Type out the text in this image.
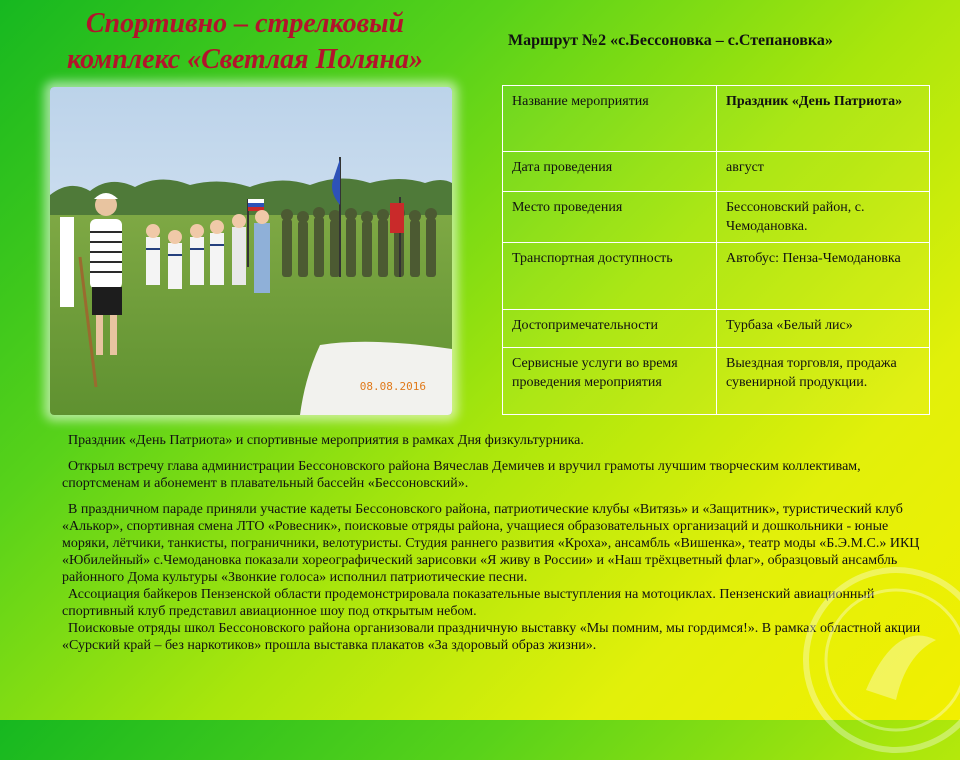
Спортивно – стрелковый
комплекс «Светлая Поляна»
Маршрут №2 «с.Бессоновка – с.Степановка»
08.08.2016
Название мероприятия	Праздник «День Патриота»
Дата проведения	август
Место проведения	Бессоновский район, с. Чемодановка.
Транспортная доступность	Автобус: Пенза-Чемодановка
Достопримечательности	Турбаза «Белый лис»
Сервисные услуги во время проведения мероприятия	Выездная торговля, продажа сувенирной продукции.

Праздник «День Патриота» и спортивные мероприятия в рамках Дня физкультурника.

Открыл встречу глава администрации Бессоновского района Вячеслав Демичев и вручил грамоты лучшим творческим коллективам, спортсменам и абонемент в плавательный бассейн «Бессоновский».

В праздничном параде приняли участие кадеты Бессоновского района, патриотические клубы «Витязь» и «Защитник», туристический клуб «Алькор», спортивная смена ЛТО «Ровесник», поисковые отряды района, учащиеся образовательных организаций и дошкольники - юные моряки, лётчики, танкисты, пограничники, велотуристы. Студия раннего развития «Кроха», ансамбль «Вишенка», театр моды «Б.Э.М.С.» ИКЦ «Юбилейный» с.Чемодановка показали хореографический зарисовки «Я живу в России» и «Наш трёхцветный флаг», образцовый ансамбль районного Дома культуры «Звонкие голоса» исполнил патриотические песни.

Ассоциация байкеров Пензенской области продемонстрировала показательные выступления на мотоциклах. Пензенский авиационный спортивный клуб представил авиационное шоу под открытым небом.

Поисковые отряды школ Бессоновского района организовали праздничную выставку «Мы помним, мы гордимся!». В рамках областной акции «Сурский край – без наркотиков» прошла выставка плакатов «За здоровый образ жизни».
